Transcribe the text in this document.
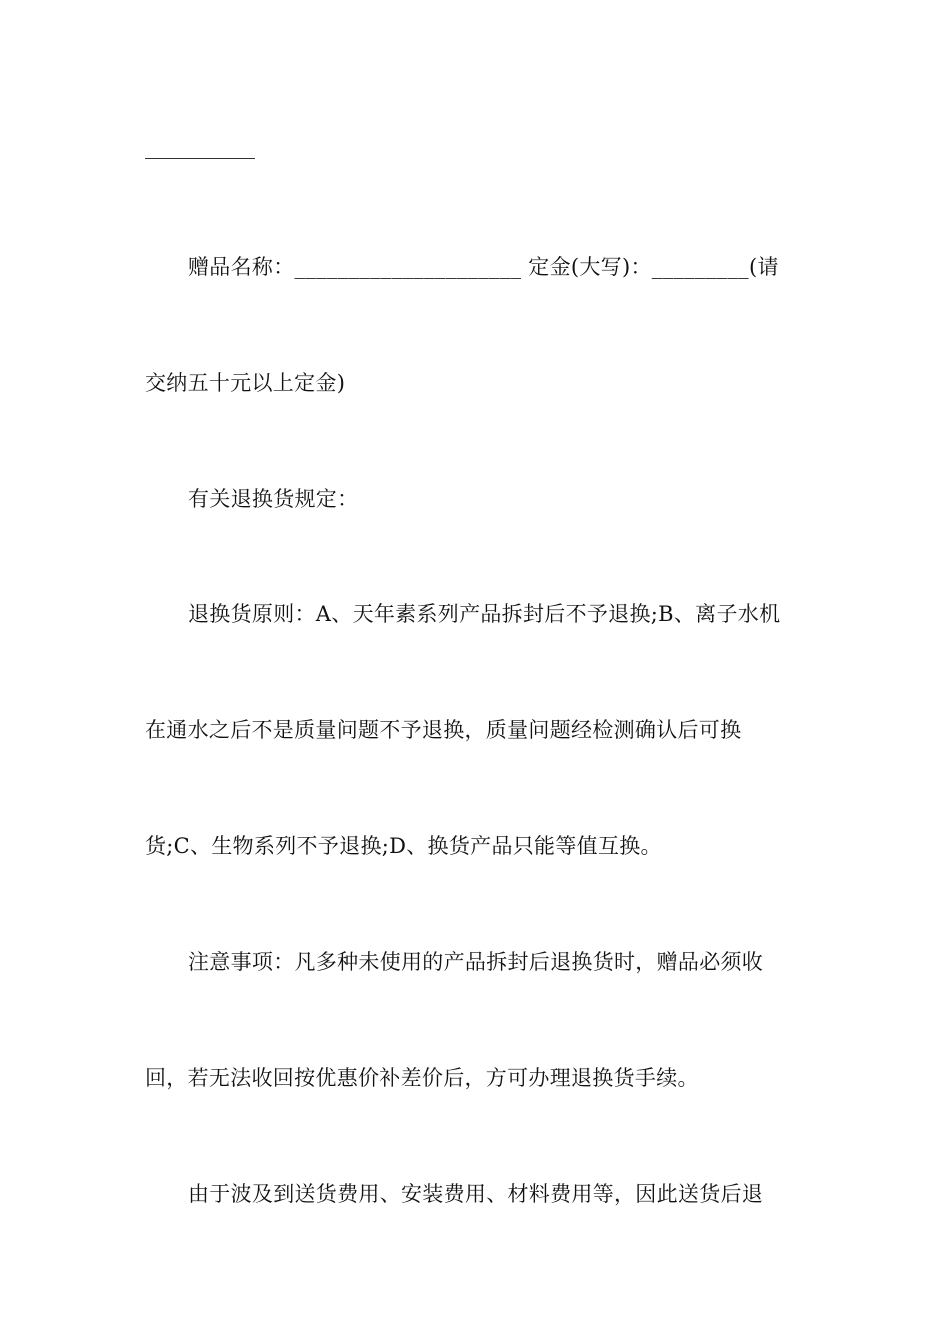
赠品名称：_____________________ 定金(大写)：_________(请
交纳五十元以上定金)
有关退换货规定：
退换货原则：A、天年素系列产品拆封后不予退换;B、离子水机
在通水之后不是质量问题不予退换，质量问题经检测确认后可换
货;C、生物系列不予退换;D、换货产品只能等值互换。
注意事项：凡多种未使用的产品拆封后退换货时，赠品必须收
回，若无法收回按优惠价补差价后，方可办理退换货手续。
由于波及到送货费用、安装费用、材料费用等，因此送货后退
